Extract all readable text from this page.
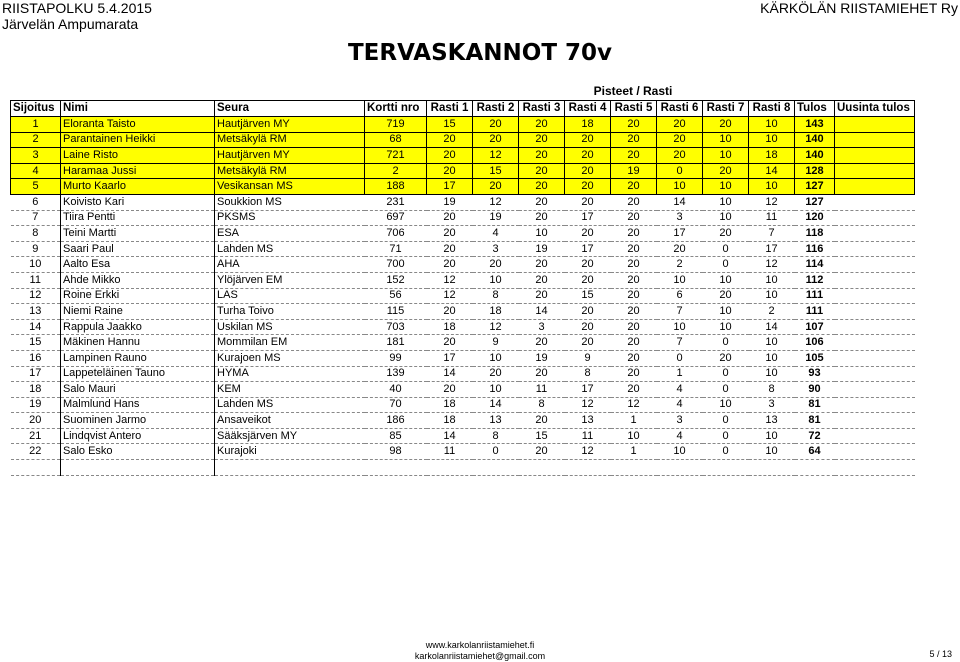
RIISTAPOLKU 5.4.2015
Järvelän Ampumarata
KÄRKÖLÄN RIISTAMIEHET Ry
TERVASKANNOT 70v
Pisteet / Rasti
Sijoitus	Nimi	Seura	Kortti nro	Rasti 1	Rasti 2	Rasti 3	Rasti 4	Rasti 5	Rasti 6	Rasti 7	Rasti 8	Tulos	Uusinta tulos
1	Eloranta Taisto	Hautjärven MY	719	15	20	20	18	20	20	20	10	143	
2	Parantainen Heikki	Metsäkylä RM	68	20	20	20	20	20	20	10	10	140	
3	Laine Risto	Hautjärven MY	721	20	12	20	20	20	20	10	18	140	
4	Haramaa Jussi	Metsäkylä RM	2	20	15	20	20	19	0	20	14	128	
5	Murto Kaarlo	Vesikansan MS	188	17	20	20	20	20	10	10	10	127	
6	Koivisto Kari	Soukkion MS	231	19	12	20	20	20	14	10	12	127	
7	Tiira Pentti	PKSMS	697	20	19	20	17	20	3	10	11	120	
8	Teini Martti	ESA	706	20	4	10	20	20	17	20	7	118	
9	Saari Paul	Lahden MS	71	20	3	19	17	20	20	0	17	116	
10	Aalto Esa	AHA	700	20	20	20	20	20	2	0	12	114	
11	Ahde Mikko	Ylöjärven EM	152	12	10	20	20	20	10	10	10	112	
12	Roine Erkki	LAS	56	12	8	20	15	20	6	20	10	111	
13	Niemi Raine	Turha Toivo	115	20	18	14	20	20	7	10	2	111	
14	Rappula Jaakko	Uskilan MS	703	18	12	3	20	20	10	10	14	107	
15	Mäkinen Hannu	Mommilan EM	181	20	9	20	20	20	7	0	10	106	
16	Lampinen Rauno	Kurajoen MS	99	17	10	19	9	20	0	20	10	105	
17	Lappeteläinen Tauno	HYMA	139	14	20	20	8	20	1	0	10	93	
18	Salo Mauri	KEM	40	20	10	11	17	20	4	0	8	90	
19	Malmlund Hans	Lahden MS	70	18	14	8	12	12	4	10	3	81	
20	Suominen Jarmo	Ansaveikot	186	18	13	20	13	1	3	0	13	81	
21	Lindqvist Antero	Sääksjärven MY	85	14	8	15	11	10	4	0	10	72	
22	Salo Esko	Kurajoki	98	11	0	20	12	1	10	0	10	64	

www.karkolanriistamiehet.fi
karkolanriistamiehet@gmail.com	5 / 13
